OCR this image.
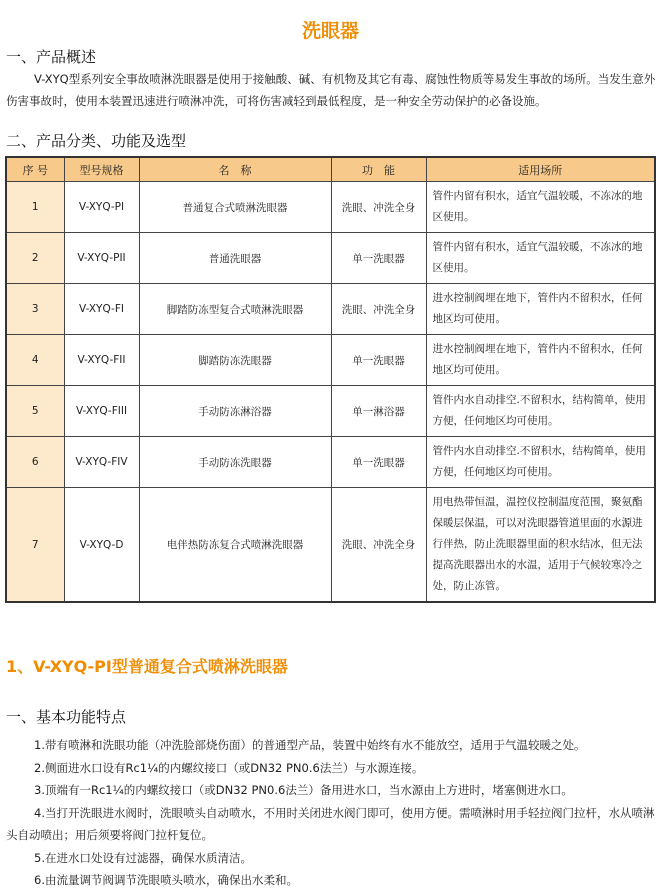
洗眼器
一、产品概述
V-XYQ型系列安全事故喷淋洗眼器是使用于接触酸、碱、有机物及其它有毒、腐蚀性物质等易发生事故的场所。当发生意外伤害事故时，使用本装置迅速进行喷淋冲洗，可将伤害减轻到最低程度，是一种安全劳动保护的必备设施。
二、产品分类、功能及选型
序 号	型号规格	名　称	功　能	适用场所
1	V-XYQ-PI	普通复合式喷淋洗眼器	洗眼、冲洗全身	管件内留有积水，适宜气温较暖，不冻冰的地区使用。
2	V-XYQ-PII	普通洗眼器	单一洗眼器	管件内留有积水，适宜气温较暖，不冻冰的地区使用。
3	V-XYQ-FI	脚踏防冻型复合式喷淋洗眼器	洗眼、冲洗全身	进水控制阀埋在地下，管件内不留积水，任何地区均可使用。
4	V-XYQ-FII	脚踏防冻洗眼器	单一洗眼器	进水控制阀埋在地下，管件内不留积水，任何地区均可使用。
5	V-XYQ-FIII	手动防冻淋浴器	单一淋浴器	管件内水自动排空.不留积水，结构简单，使用方便，任何地区均可使用。
6	V-XYQ-FIV	手动防冻洗眼器	单一洗眼器	管件内水自动排空.不留积水，结构简单，使用方便，任何地区均可使用。
7	V-XYQ-D	电伴热防冻复合式喷淋洗眼器	洗眼、冲洗全身	用电热带恒温，温控仪控制温度范围，聚氨酯保暖层保温，可以对洗眼器管道里面的水源进行伴热，防止洗眼器里面的积水结冰，但无法提高洗眼器出水的水温，适用于气候较寒冷之处，防止冻管。
1、V-XYQ-PⅠ型普通复合式喷淋洗眼器
一、基本功能特点
1.带有喷淋和洗眼功能（冲洗脸部烧伤面）的普通型产品，装置中始终有水不能放空，适用于气温较暖之处。
2.侧面进水口设有Rc1¼的内螺纹接口（或DN32 PN0.6法兰）与水源连接。
3.顶端有一Rc1¼的内螺纹接口（或DN32 PN0.6法兰）备用进水口，当水源由上方进时，堵塞侧进水口。
4.当打开洗眼进水阀时，洗眼喷头自动喷水，不用时关闭进水阀门即可，使用方便。需喷淋时用手轻拉阀门拉杆，水从喷淋头自动喷出；用后须要将阀门拉杆复位。
5.在进水口处设有过滤器，确保水质清洁。
6.由流量调节阀调节洗眼喷头喷水，确保出水柔和。
